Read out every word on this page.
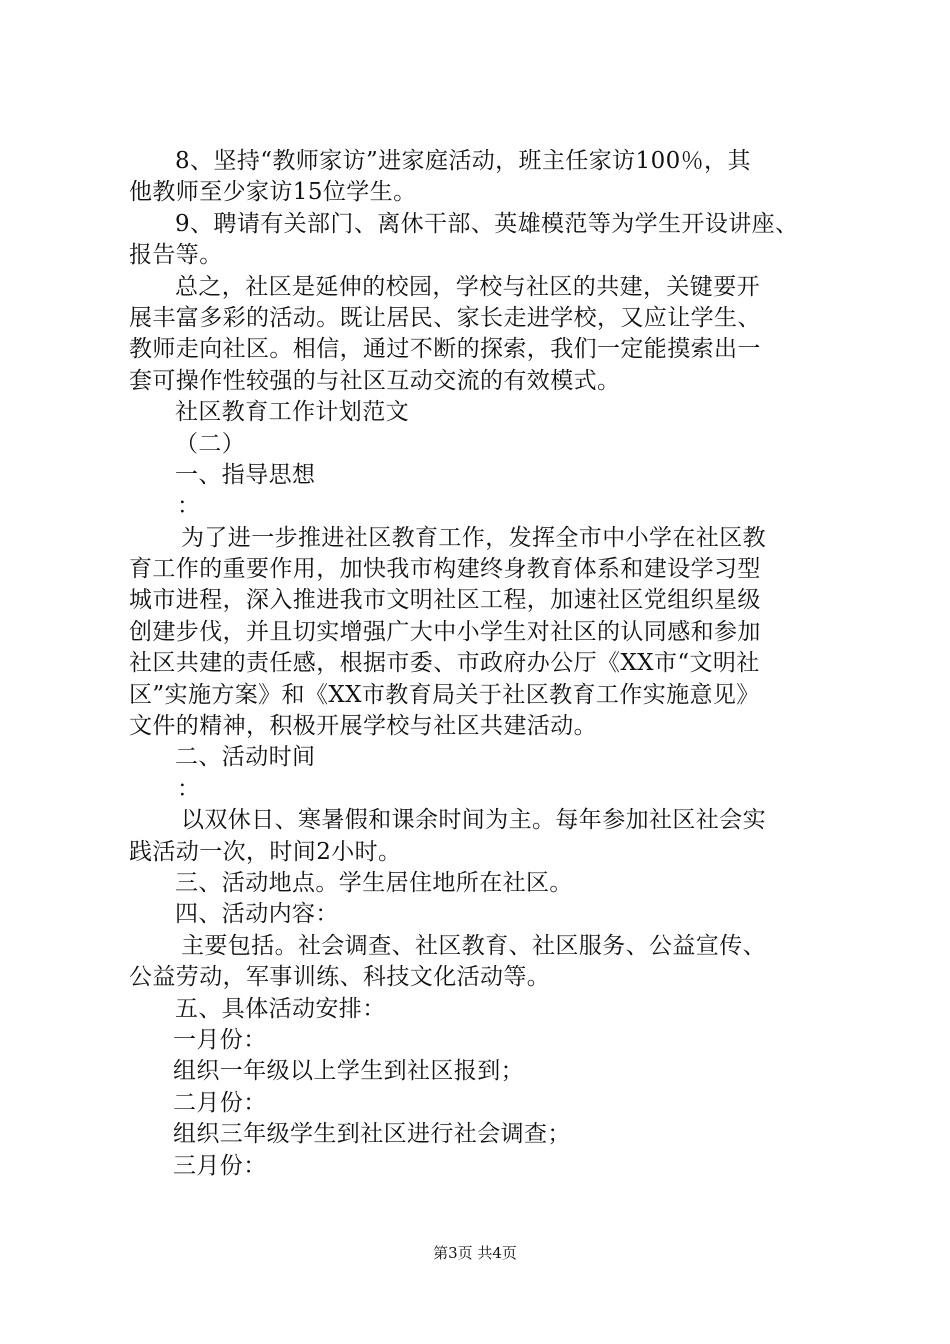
8、坚持“教师家访”进家庭活动，班主任家访100％，其
他教师至少家访15位学生。
9、聘请有关部门、离休干部、英雄模范等为学生开设讲座、
报告等。
总之，社区是延伸的校园，学校与社区的共建，关键要开
展丰富多彩的活动。既让居民、家长走进学校，又应让学生、
教师走向社区。相信，通过不断的探索，我们一定能摸索出一
套可操作性较强的与社区互动交流的有效模式。
社区教育工作计划范文
（二）
一、指导思想
：
为了进一步推进社区教育工作，发挥全市中小学在社区教
育工作的重要作用，加快我市构建终身教育体系和建设学习型
城市进程，深入推进我市文明社区工程，加速社区党组织星级
创建步伐，并且切实增强广大中小学生对社区的认同感和参加
社区共建的责任感，根据市委、市政府办公厅《XX市“文明社
区”实施方案》和《XX市教育局关于社区教育工作实施意见》
文件的精神，积极开展学校与社区共建活动。
二、活动时间
：
以双休日、寒暑假和课余时间为主。每年参加社区社会实
践活动一次，时间2小时。
三、活动地点。学生居住地所在社区。
四、活动内容：
主要包括。社会调查、社区教育、社区服务、公益宣传、
公益劳动，军事训练、科技文化活动等。
五、具体活动安排：
一月份：
组织一年级以上学生到社区报到；
二月份：
组织三年级学生到社区进行社会调查；
三月份：
第3页 共4页
